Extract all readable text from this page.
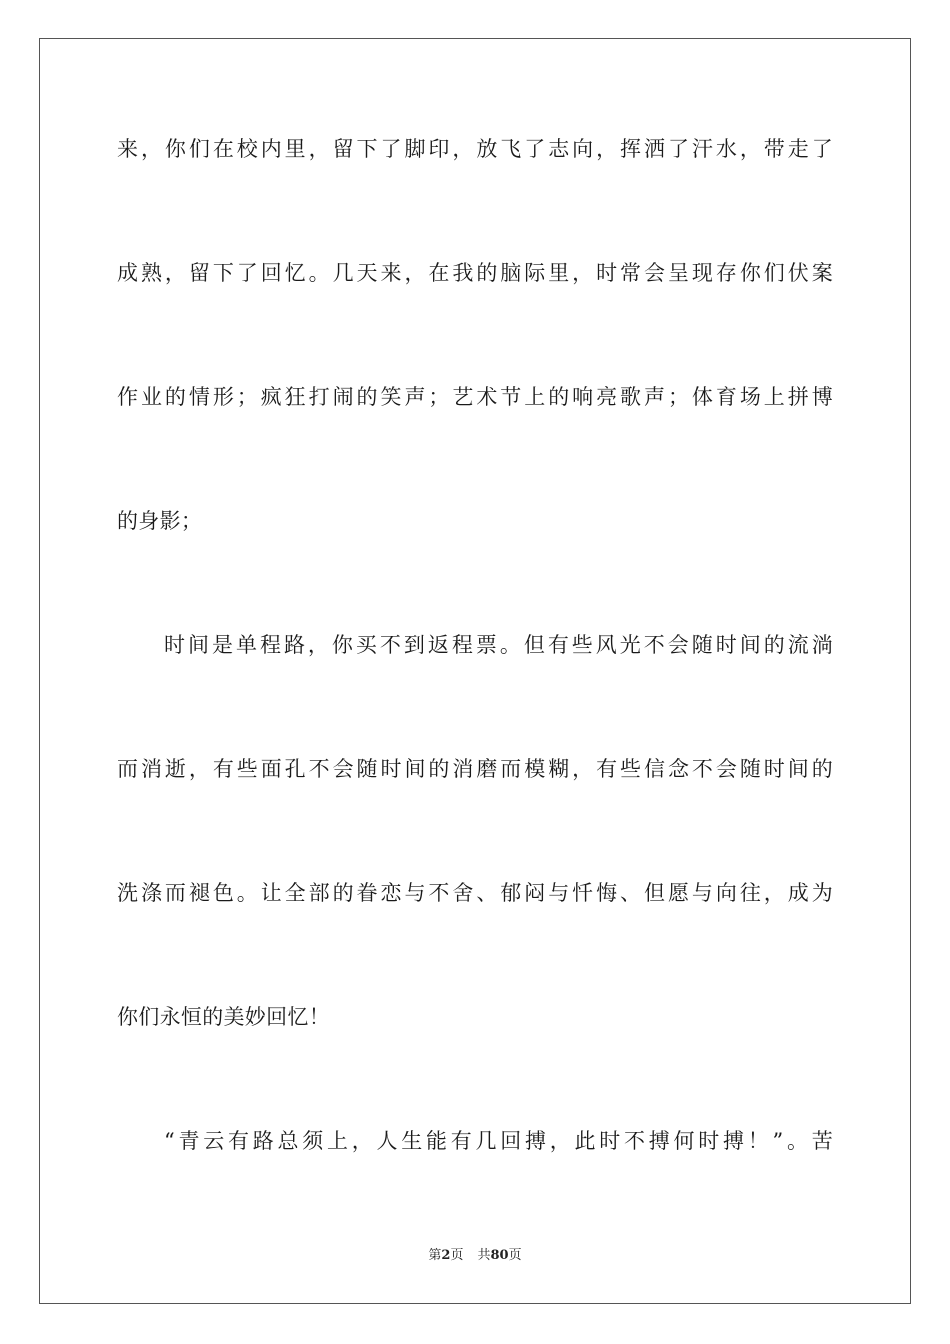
来，你们在校内里，留下了脚印，放飞了志向，挥洒了汗水，带走了
成熟，留下了回忆。几天来，在我的脑际里，时常会呈现存你们伏案
作业的情形；疯狂打闹的笑声；艺术节上的响亮歌声；体育场上拼博
的身影；
时间是单程路，你买不到返程票。但有些风光不会随时间的流淌
而消逝，有些面孔不会随时间的消磨而模糊，有些信念不会随时间的
洗涤而褪色。让全部的眷恋与不舍、郁闷与忏悔、但愿与向往，成为
你们永恒的美妙回忆！
“青云有路总须上，人生能有几回搏，此时不搏何时搏！”。苦
第2页 共80页
